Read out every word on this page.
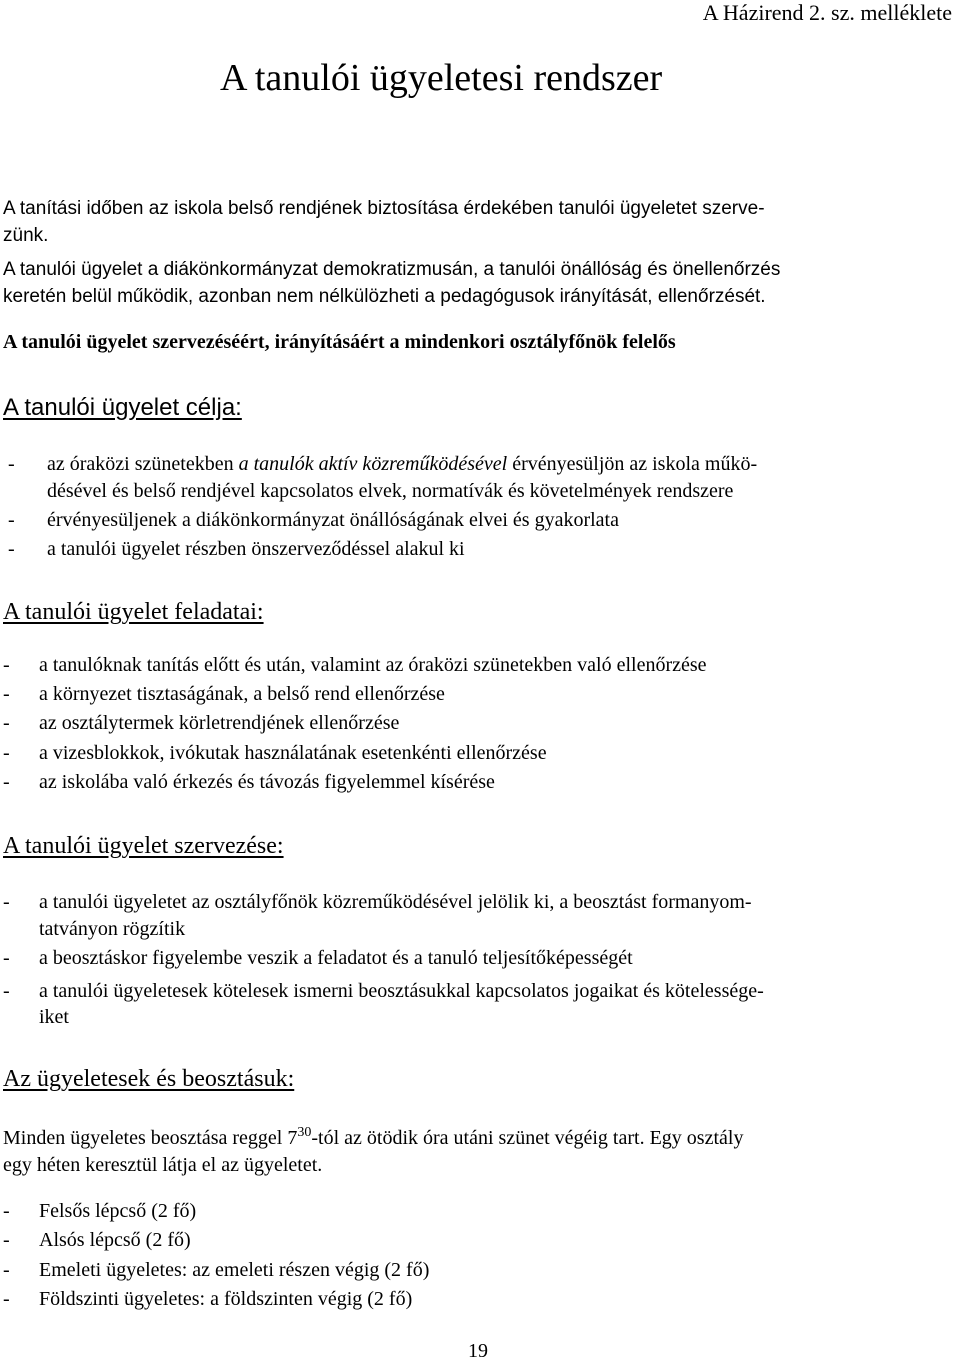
A Házirend 2. sz. melléklete
A tanulói ügyeletesi rendszer
A tanítási időben az iskola belső rendjének biztosítása érdekében tanulói ügyeletet szerve-
zünk.
A tanulói ügyelet a diákönkormányzat demokratizmusán, a tanulói önállóság és önellenőrzés
keretén belül működik, azonban nem nélkülözheti a pedagógusok irányítását, ellenőrzését.
A tanulói ügyelet szervezéséért, irányításáért a mindenkori osztályfőnök felelős
A tanulói ügyelet célja:
- az óraközi szünetekben a tanulók aktív közreműködésével érvényesüljön az iskola műkö-
désével és belső rendjével kapcsolatos elvek, normatívák és követelmények rendszere
- érvényesüljenek a diákönkormányzat önállóságának elvei és gyakorlata
- a tanulói ügyelet részben önszerveződéssel alakul ki
A tanulói ügyelet feladatai:
- a tanulóknak tanítás előtt és után, valamint az óraközi szünetekben való ellenőrzése
- a környezet tisztaságának, a belső rend ellenőrzése
- az osztálytermek körletrendjének ellenőrzése
- a vizesblokkok, ivókutak használatának esetenkénti ellenőrzése
- az iskolába való érkezés és távozás figyelemmel kísérése
A tanulói ügyelet szervezése:
- a tanulói ügyeletet az osztályfőnök közreműködésével jelölik ki, a beosztást formanyom-
tatványon rögzítik
- a beosztáskor figyelembe veszik a feladatot és a tanuló teljesítőképességét
- a tanulói ügyeletesek kötelesek ismerni beosztásukkal kapcsolatos jogaikat és kötelessége-
iket
Az ügyeletesek és beosztásuk:
Minden ügyeletes beosztása reggel $7^{30}$-tól az ötödik óra utáni szünet végéig tart. Egy osztály
egy héten keresztül látja el az ügyeletet.
- Felsős lépcső (2 fő)
- Alsós lépcső (2 fő)
- Emeleti ügyeletes: az emeleti részen végig (2 fő)
- Földszinti ügyeletes: a földszinten végig (2 fő)
19
